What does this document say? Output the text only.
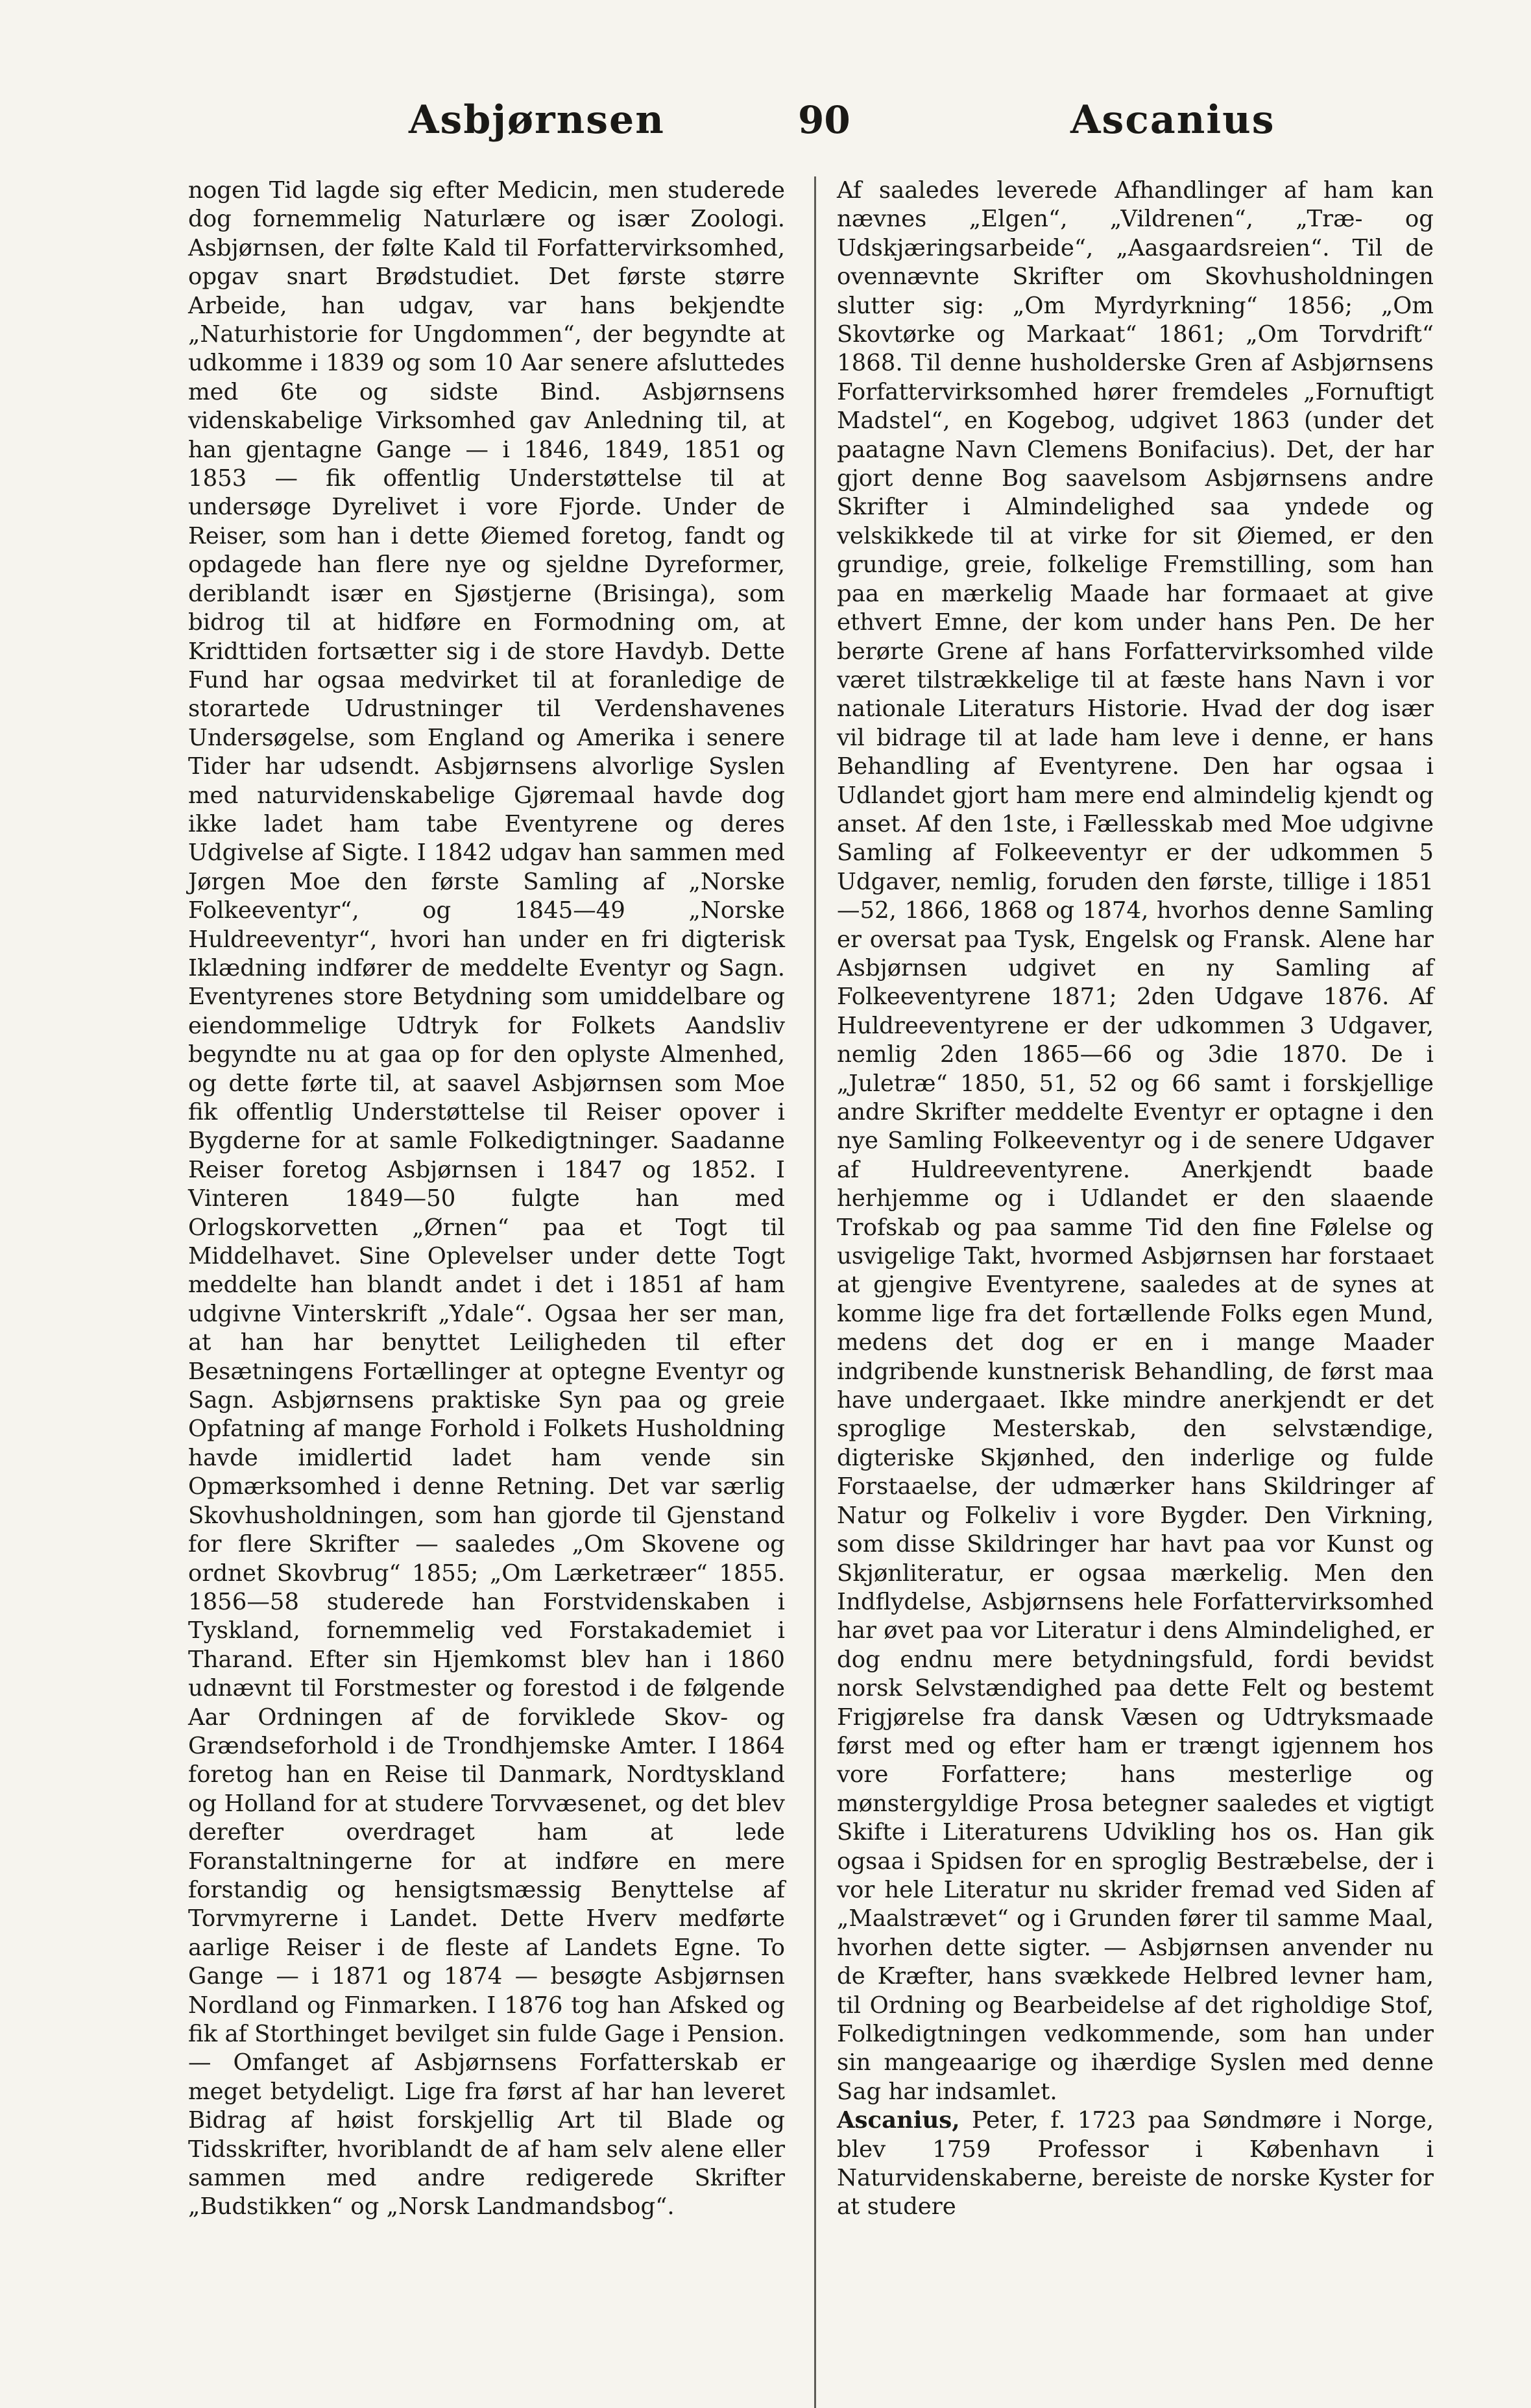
Asbjørnsen	90	Ascanius

nogen Tid lagde sig efter Medicin, men studerede dog fornemmelig Naturlære og især Zoologi. Asbjørnsen, der følte Kald til Forfattervirksomhed, opgav snart Brødstudiet. Det første større Arbeide, han udgav, var hans bekjendte „Naturhistorie for Ungdommen“, der begyndte at udkomme i 1839 og som 10 Aar senere afsluttedes med 6te og sidste Bind. Asbjørnsens videnskabelige Virksomhed gav Anledning til, at han gjentagne Gange — i 1846, 1849, 1851 og 1853 — fik offentlig Understøttelse til at undersøge Dyrelivet i vore Fjorde. Under de Reiser, som han i dette Øiemed foretog, fandt og opdagede han flere nye og sjeldne Dyreformer, deriblandt især en Sjøstjerne (Brisinga), som bidrog til at hidføre en Formodning om, at Kridttiden fortsætter sig i de store Havdyb. Dette Fund har ogsaa medvirket til at foranledige de storartede Udrustninger til Verdenshavenes Undersøgelse, som England og Amerika i senere Tider har udsendt. Asbjørnsens alvorlige Syslen med naturvidenskabelige Gjøremaal havde dog ikke ladet ham tabe Eventyrene og deres Udgivelse af Sigte. I 1842 udgav han sammen med Jørgen Moe den første Samling af „Norske Folkeeventyr“, og 1845—49 „Norske Huldreeventyr“, hvori han under en fri digterisk Iklædning indfører de meddelte Eventyr og Sagn. Eventyrenes store Betydning som umiddelbare og eiendommelige Udtryk for Folkets Aandsliv begyndte nu at gaa op for den oplyste Almenhed, og dette førte til, at saavel Asbjørnsen som Moe fik offentlig Understøttelse til Reiser opover i Bygderne for at samle Folkedigtninger. Saadanne Reiser foretog Asbjørnsen i 1847 og 1852. I Vinteren 1849—50 fulgte han med Orlogskorvetten „Ørnen“ paa et Togt til Middelhavet. Sine Oplevelser under dette Togt meddelte han blandt andet i det i 1851 af ham udgivne Vinterskrift „Ydale“. Ogsaa her ser man, at han har benyttet Leiligheden til efter Besætningens Fortællinger at optegne Eventyr og Sagn. Asbjørnsens praktiske Syn paa og greie Opfatning af mange Forhold i Folkets Husholdning havde imidlertid ladet ham vende sin Opmærksomhed i denne Retning. Det var særlig Skovhusholdningen, som han gjorde til Gjenstand for flere Skrifter — saaledes „Om Skovene og ordnet Skovbrug“ 1855; „Om Lærketræer“ 1855. 1856—58 studerede han Forstvidenskaben i Tyskland, fornemmelig ved Forstakademiet i Tharand. Efter sin Hjemkomst blev han i 1860 udnævnt til Forstmester og forestod i de følgende Aar Ordningen af de forviklede Skov- og Grændseforhold i de Trondhjemske Amter. I 1864 foretog han en Reise til Danmark, Nordtyskland og Holland for at studere Torvvæsenet, og det blev derefter overdraget ham at lede Foranstaltningerne for at indføre en mere forstandig og hensigtsmæssig Benyttelse af Torvmyrerne i Landet. Dette Hverv medførte aarlige Reiser i de fleste af Landets Egne. To Gange — i 1871 og 1874 — besøgte Asbjørnsen Nordland og Finmarken. I 1876 tog han Afsked og fik af Storthinget bevilget sin fulde Gage i Pension. — Omfanget af Asbjørnsens Forfatterskab er meget betydeligt. Lige fra først af har han leveret Bidrag af høist forskjellig Art til Blade og Tidsskrifter, hvoriblandt de af ham selv alene eller sammen med andre redigerede Skrifter „Budstikken“ og „Norsk Landmandsbog“.

Af saaledes leverede Afhandlinger af ham kan nævnes „Elgen“, „Vildrenen“, „Træ- og Udskjæringsarbeide“, „Aasgaardsreien“. Til de ovennævnte Skrifter om Skovhusholdningen slutter sig: „Om Myrdyrkning“ 1856; „Om Skovtørke og Markaat“ 1861; „Om Torvdrift“ 1868. Til denne husholderske Gren af Asbjørnsens Forfattervirksomhed hører fremdeles „Fornuftigt Madstel“, en Kogebog, udgivet 1863 (under det paatagne Navn Clemens Bonifacius). Det, der har gjort denne Bog saavelsom Asbjørnsens andre Skrifter i Almindelighed saa yndede og velskikkede til at virke for sit Øiemed, er den grundige, greie, folkelige Fremstilling, som han paa en mærkelig Maade har formaaet at give ethvert Emne, der kom under hans Pen. De her berørte Grene af hans Forfattervirksomhed vilde været tilstrækkelige til at fæste hans Navn i vor nationale Literaturs Historie. Hvad der dog især vil bidrage til at lade ham leve i denne, er hans Behandling af Eventyrene. Den har ogsaa i Udlandet gjort ham mere end almindelig kjendt og anset. Af den 1ste, i Fællesskab med Moe udgivne Samling af Folkeeventyr er der udkommen 5 Udgaver, nemlig, foruden den første, tillige i 1851—52, 1866, 1868 og 1874, hvorhos denne Samling er oversat paa Tysk, Engelsk og Fransk. Alene har Asbjørnsen udgivet en ny Samling af Folkeeventyrene 1871; 2den Udgave 1876. Af Huldreeventyrene er der udkommen 3 Udgaver, nemlig 2den 1865—66 og 3die 1870. De i „Juletræ“ 1850, 51, 52 og 66 samt i forskjellige andre Skrifter meddelte Eventyr er optagne i den nye Samling Folkeeventyr og i de senere Udgaver af Huldreeventyrene. Anerkjendt baade herhjemme og i Udlandet er den slaaende Trofskab og paa samme Tid den fine Følelse og usvigelige Takt, hvormed Asbjørnsen har forstaaet at gjengive Eventyrene, saaledes at de synes at komme lige fra det fortællende Folks egen Mund, medens det dog er en i mange Maader indgribende kunstnerisk Behandling, de først maa have undergaaet. Ikke mindre anerkjendt er det sproglige Mesterskab, den selvstændige, digteriske Skjønhed, den inderlige og fulde Forstaaelse, der udmærker hans Skildringer af Natur og Folkeliv i vore Bygder. Den Virkning, som disse Skildringer har havt paa vor Kunst og Skjønliteratur, er ogsaa mærkelig. Men den Indflydelse, Asbjørnsens hele Forfattervirksomhed har øvet paa vor Literatur i dens Almindelighed, er dog endnu mere betydningsfuld, fordi bevidst norsk Selvstændighed paa dette Felt og bestemt Frigjørelse fra dansk Væsen og Udtryksmaade først med og efter ham er trængt igjennem hos vore Forfattere; hans mesterlige og mønstergyldige Prosa betegner saaledes et vigtigt Skifte i Literaturens Udvikling hos os. Han gik ogsaa i Spidsen for en sproglig Bestræbelse, der i vor hele Literatur nu skrider fremad ved Siden af „Maalstrævet“ og i Grunden fører til samme Maal, hvorhen dette sigter. — Asbjørnsen anvender nu de Kræfter, hans svækkede Helbred levner ham, til Ordning og Bearbeidelse af det righoldige Stof, Folkedigtningen vedkommende, som han under sin mangeaarige og ihærdige Syslen med denne Sag har indsamlet.

Ascanius, Peter, f. 1723 paa Søndmøre i Norge, blev 1759 Professor i København i Naturvidenskaberne, bereiste de norske Kyster for at studere
